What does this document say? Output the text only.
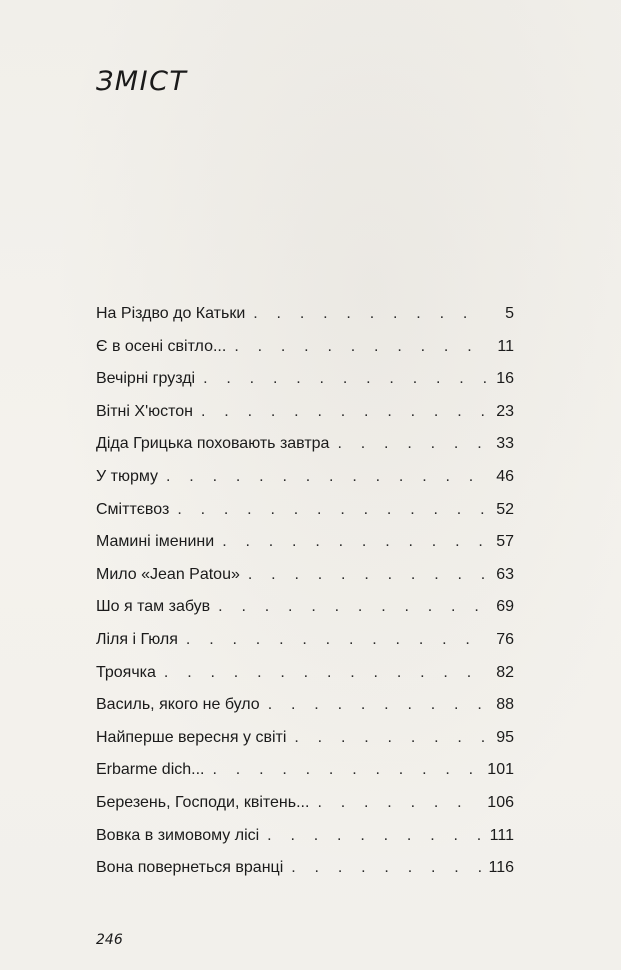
ЗМІСТ
На Різдво до Катьки . . .	5
Є в осені світло... . . .	11
Вечірні груздi . . .	16
Вітні Х'юстон . . .	23
Діда Грицька поховають завтра . . .	33
У тюрму . . .	46
Сміттєвоз . . .	52
Мамині іменини . . .	57
Мило «Jean Patou» . . .	63
Шо я там забув . . .	69
Ліля і Гюля . . .	76
Троячка . . .	82
Василь, якого не було . . .	88
Найперше вересня у світі . . .	95
Erbarme dich... . . .	101
Березень, Господи, квітень... . . .	106
Вовка в зимовому лісі . . .	111
Вона повернеться вранці . . .	116
246
